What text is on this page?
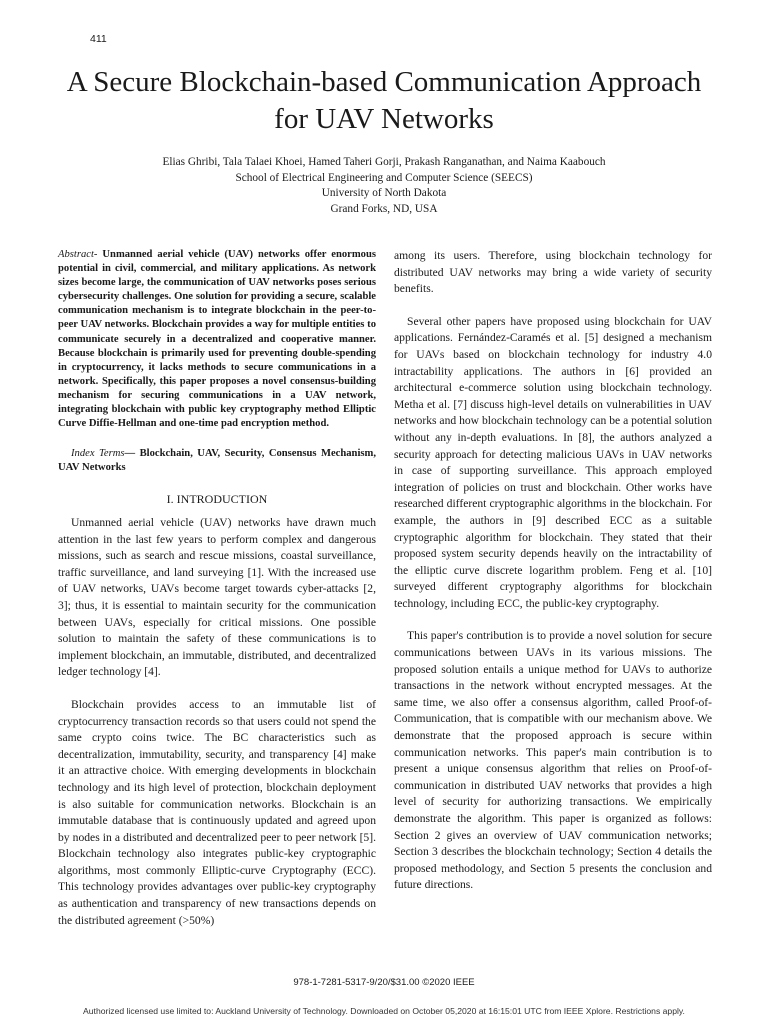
411
A Secure Blockchain-based Communication Approach for UAV Networks
Elias Ghribi, Tala Talaei Khoei, Hamed Taheri Gorji, Prakash Ranganathan, and Naima Kaabouch
School of Electrical Engineering and Computer Science (SEECS)
University of North Dakota
Grand Forks, ND, USA

Abstract- Unmanned aerial vehicle (UAV) networks offer enormous potential in civil, commercial, and military applications. As network sizes become large, the communication of UAV networks poses serious cybersecurity challenges. One solution for providing a secure, scalable communication mechanism is to integrate blockchain in the peer-to-peer UAV networks. Blockchain provides a way for multiple entities to communicate securely in a decentralized and cooperative manner. Because blockchain is primarily used for preventing double-spending in cryptocurrency, it lacks methods to secure communications in a network. Specifically, this paper proposes a novel consensus-building mechanism for securing communications in a UAV network, integrating blockchain with public key cryptography method Elliptic Curve Diffie-Hellman and one-time pad encryption method.

Index Terms— Blockchain, UAV, Security, Consensus Mechanism, UAV Networks

I. INTRODUCTION

Unmanned aerial vehicle (UAV) networks have drawn much attention in the last few years to perform complex and dangerous missions, such as search and rescue missions, coastal surveillance, traffic surveillance, and land surveying [1]. With the increased use of UAV networks, UAVs become target towards cyber-attacks [2, 3]; thus, it is essential to maintain security for the communication between UAVs, especially for critical missions. One possible solution to maintain the safety of these communications is to implement blockchain, an immutable, distributed, and decentralized ledger technology [4].

Blockchain provides access to an immutable list of cryptocurrency transaction records so that users could not spend the same crypto coins twice. The BC characteristics such as decentralization, immutability, security, and transparency [4] make it an attractive choice. With emerging developments in blockchain technology and its high level of protection, blockchain deployment is also suitable for communication networks. Blockchain is an immutable database that is continuously updated and agreed upon by nodes in a distributed and decentralized peer to peer network [5]. Blockchain technology also integrates public-key cryptographic algorithms, most commonly Elliptic-curve Cryptography (ECC). This technology provides advantages over public-key cryptography as authentication and transparency of new transactions depends on the distributed agreement (>50%)

among its users. Therefore, using blockchain technology for distributed UAV networks may bring a wide variety of security benefits.

Several other papers have proposed using blockchain for UAV applications. Fernández-Caramés et al. [5] designed a mechanism for UAVs based on blockchain technology for industry 4.0 intractability applications. The authors in [6] provided an architectural e-commerce solution using blockchain technology. Metha et al. [7] discuss high-level details on vulnerabilities in UAV networks and how blockchain technology can be a potential solution without any in-depth evaluations. In [8], the authors analyzed a security approach for detecting malicious UAVs in UAV networks in case of supporting surveillance. This approach employed integration of policies on trust and blockchain. Other works have researched different cryptographic algorithms in the blockchain. For example, the authors in [9] described ECC as a suitable cryptographic algorithm for blockchain. They stated that their proposed system security depends heavily on the intractability of the elliptic curve discrete logarithm problem. Feng et al. [10] surveyed different cryptography algorithms for blockchain technology, including ECC, the public-key cryptography.

This paper's contribution is to provide a novel solution for secure communications between UAVs in its various missions. The proposed solution entails a unique method for UAVs to authorize transactions in the network without encrypted messages. At the same time, we also offer a consensus algorithm, called Proof-of-Communication, that is compatible with our mechanism above. We demonstrate that the proposed approach is secure within communication networks. This paper's main contribution is to present a unique consensus algorithm that relies on Proof-of-communication in distributed UAV networks that provides a high level of security for authorizing transactions. We empirically demonstrate the algorithm. This paper is organized as follows: Section 2 gives an overview of UAV communication networks; Section 3 describes the blockchain technology; Section 4 details the proposed methodology, and Section 5 presents the conclusion and future directions.

978-1-7281-5317-9/20/$31.00 ©2020 IEEE
Authorized licensed use limited to: Auckland University of Technology. Downloaded on October 05,2020 at 16:15:01 UTC from IEEE Xplore. Restrictions apply.
